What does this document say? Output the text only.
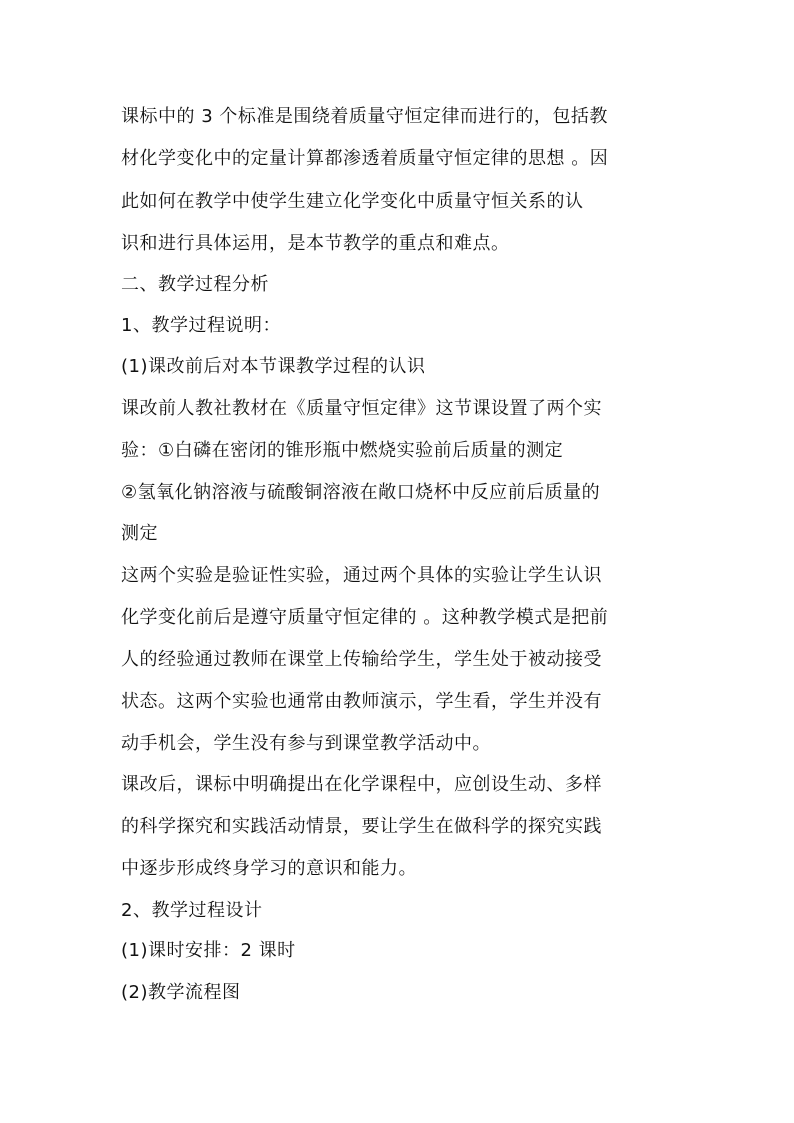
课标中的 3 个标准是围绕着质量守恒定律而进行的，包括教
材化学变化中的定量计算都渗透着质量守恒定律的思想 。因
此如何在教学中使学生建立化学变化中质量守恒关系的认
识和进行具体运用，是本节教学的重点和难点。
二、教学过程分析
1、教学过程说明：
(1)课改前后对本节课教学过程的认识
课改前人教社教材在《质量守恒定律》这节课设置了两个实
验：①白磷在密闭的锥形瓶中燃烧实验前后质量的测定
②氢氧化钠溶液与硫酸铜溶液在敞口烧杯中反应前后质量的
测定
这两个实验是验证性实验，通过两个具体的实验让学生认识
化学变化前后是遵守质量守恒定律的 。这种教学模式是把前
人的经验通过教师在课堂上传输给学生，学生处于被动接受
状态。这两个实验也通常由教师演示，学生看，学生并没有
动手机会，学生没有参与到课堂教学活动中。
课改后，课标中明确提出在化学课程中，应创设生动、多样
的科学探究和实践活动情景，要让学生在做科学的探究实践
中逐步形成终身学习的意识和能力。
2、教学过程设计
(1)课时安排：2 课时
(2)教学流程图
